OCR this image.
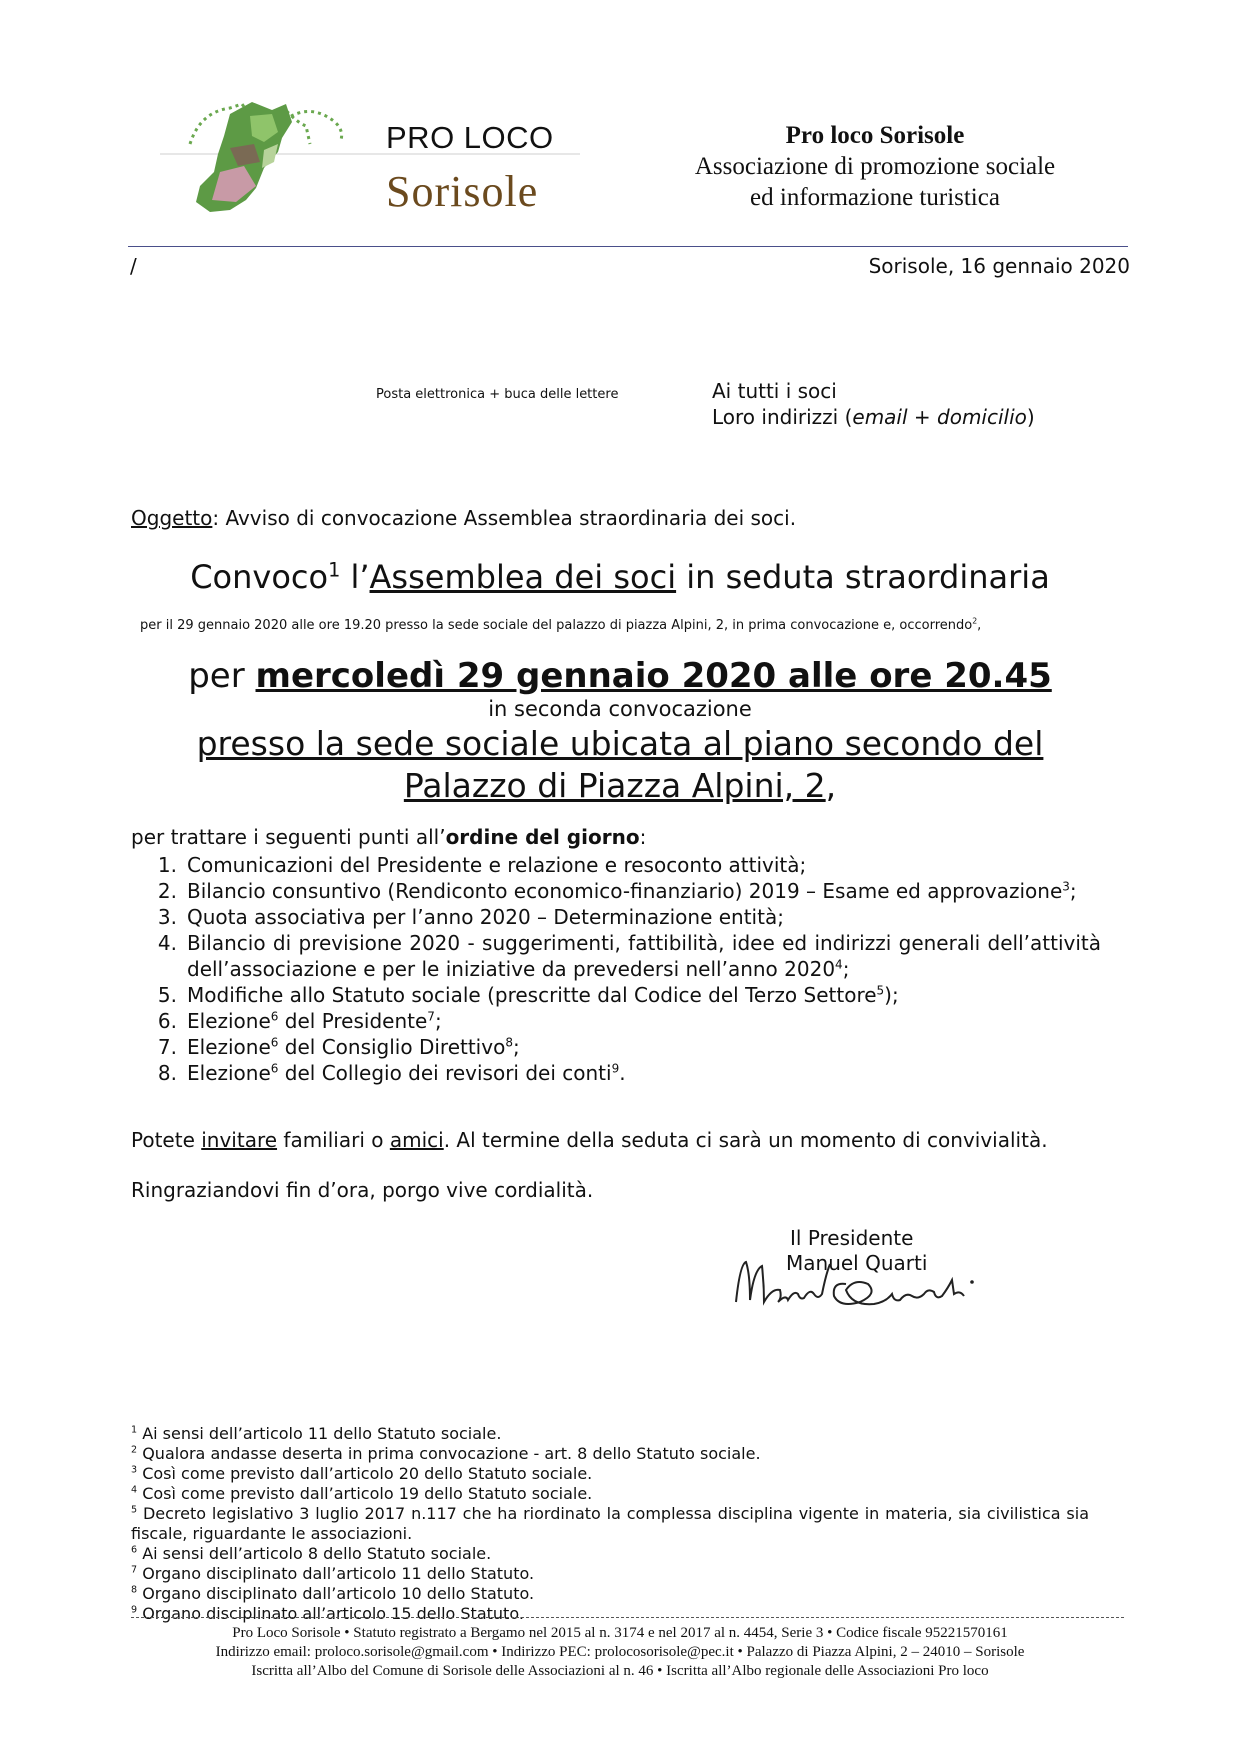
PRO LOCO
Sorisole
Pro loco Sorisole
Associazione di promozione sociale
ed informazione turistica
/	Sorisole, 16 gennaio 2020
Posta elettronica + buca delle lettere	Ai tutti i soci
Loro indirizzi (email + domicilio)
Oggetto: Avviso di convocazione Assemblea straordinaria dei soci.
Convoco$^1$ l’Assemblea dei soci in seduta straordinaria
per il 29 gennaio 2020 alle ore 19.20 presso la sede sociale del palazzo di piazza Alpini, 2, in prima convocazione e, occorrendo$^2$,
per mercoledì 29 gennaio 2020 alle ore 20.45
in seconda convocazione
presso la sede sociale ubicata al piano secondo del
Palazzo di Piazza Alpini, 2,
per trattare i seguenti punti all’ordine del giorno:
1. Comunicazioni del Presidente e relazione e resoconto attività;
2. Bilancio consuntivo (Rendiconto economico-finanziario) 2019 – Esame ed approvazione$^3$;
3. Quota associativa per l’anno 2020 – Determinazione entità;
4. Bilancio di previsione 2020 - suggerimenti, fattibilità, idee ed indirizzi generali dell’attività dell’associazione e per le iniziative da prevedersi nell’anno 2020$^4$;
5. Modifiche allo Statuto sociale (prescritte dal Codice del Terzo Settore$^5$);
6. Elezione$^6$ del Presidente$^7$;
7. Elezione$^6$ del Consiglio Direttivo$^8$;
8. Elezione$^6$ del Collegio dei revisori dei conti$^9$.
Potete invitare familiari o amici. Al termine della seduta ci sarà un momento di convivialità.
Ringraziandovi fin d’ora, porgo vive cordialità.
Il Presidente
Manuel Quarti
$^1$ Ai sensi dell’articolo 11 dello Statuto sociale.
$^2$ Qualora andasse deserta in prima convocazione - art. 8 dello Statuto sociale.
$^3$ Così come previsto dall’articolo 20 dello Statuto sociale.
$^4$ Così come previsto dall’articolo 19 dello Statuto sociale.
$^5$ Decreto legislativo 3 luglio 2017 n.117 che ha riordinato la complessa disciplina vigente in materia, sia civilistica sia fiscale, riguardante le associazioni.
$^6$ Ai sensi dell’articolo 8 dello Statuto sociale.
$^7$ Organo disciplinato dall’articolo 11 dello Statuto.
$^8$ Organo disciplinato dall’articolo 10 dello Statuto.
$^9$ Organo disciplinato all’articolo 15 dello Statuto.
Pro Loco Sorisole • Statuto registrato a Bergamo nel 2015 al n. 3174 e nel 2017 al n. 4454, Serie 3 • Codice fiscale 95221570161
Indirizzo email: proloco.sorisole@gmail.com • Indirizzo PEC: prolocosorisole@pec.it • Palazzo di Piazza Alpini, 2 – 24010 – Sorisole
Iscritta all’Albo del Comune di Sorisole delle Associazioni al n. 46 • Iscritta all’Albo regionale delle Associazioni Pro loco
